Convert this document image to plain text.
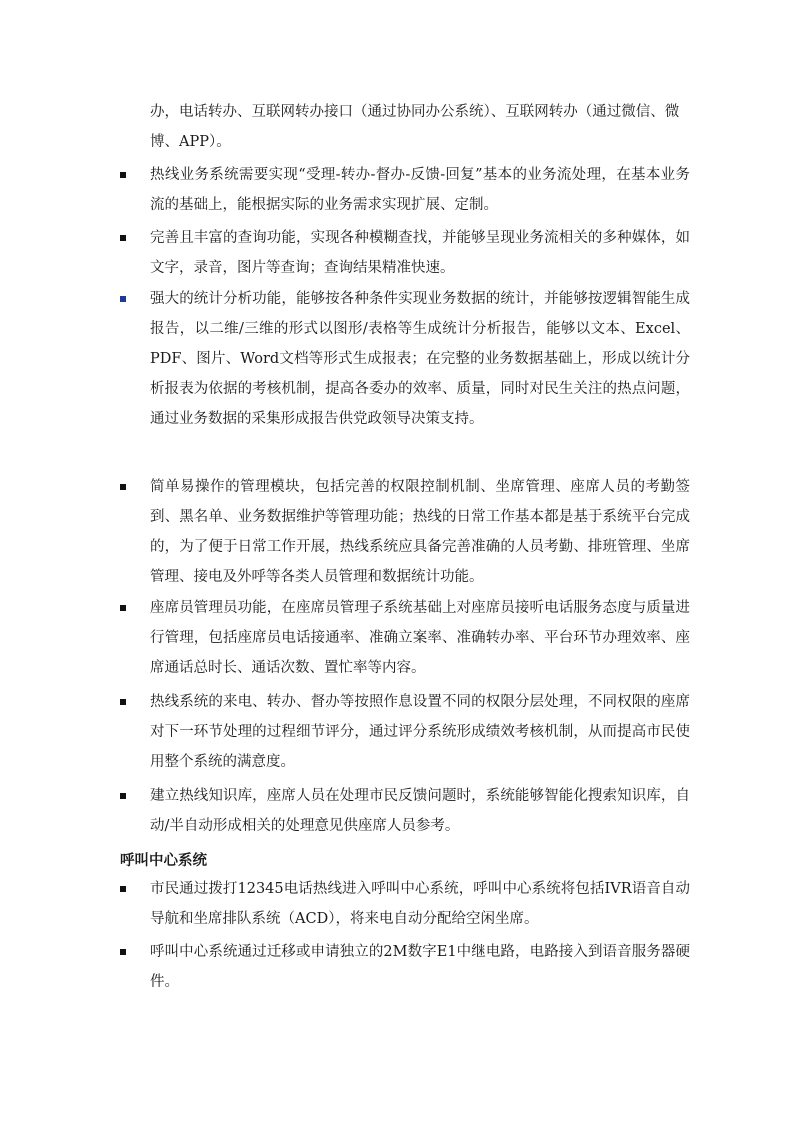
办，电话转办、互联网转办接口（通过协同办公系统）、互联网转办（通过微信、微博、APP）。
热线业务系统需要实现“受理-转办-督办-反馈-回复”基本的业务流处理，在基本业务流的基础上，能根据实际的业务需求实现扩展、定制。
完善且丰富的查询功能，实现各种模糊查找，并能够呈现业务流相关的多种媒体，如文字，录音，图片等查询；查询结果精准快速。
强大的统计分析功能，能够按各种条件实现业务数据的统计，并能够按逻辑智能生成报告，以二维/三维的形式以图形/表格等生成统计分析报告，能够以文本、Excel、PDF、图片、Word文档等形式生成报表；在完整的业务数据基础上，形成以统计分析报表为依据的考核机制，提高各委办的效率、质量，同时对民生关注的热点问题，通过业务数据的采集形成报告供党政领导决策支持。
简单易操作的管理模块，包括完善的权限控制机制、坐席管理、座席人员的考勤签到、黑名单、业务数据维护等管理功能；热线的日常工作基本都是基于系统平台完成的，为了便于日常工作开展，热线系统应具备完善准确的人员考勤、排班管理、坐席管理、接电及外呼等各类人员管理和数据统计功能。
座席员管理员功能，在座席员管理子系统基础上对座席员接听电话服务态度与质量进行管理，包括座席员电话接通率、准确立案率、准确转办率、平台环节办理效率、座席通话总时长、通话次数、置忙率等内容。
热线系统的来电、转办、督办等按照作息设置不同的权限分层处理，不同权限的座席对下一环节处理的过程细节评分，通过评分系统形成绩效考核机制，从而提高市民使用整个系统的满意度。
建立热线知识库，座席人员在处理市民反馈问题时，系统能够智能化搜索知识库，自动/半自动形成相关的处理意见供座席人员参考。
呼叫中心系统
市民通过拨打12345电话热线进入呼叫中心系统，呼叫中心系统将包括IVR语音自动导航和坐席排队系统（ACD），将来电自动分配给空闲坐席。
呼叫中心系统通过迁移或申请独立的2M数字E1中继电路，电路接入到语音服务器硬件。
